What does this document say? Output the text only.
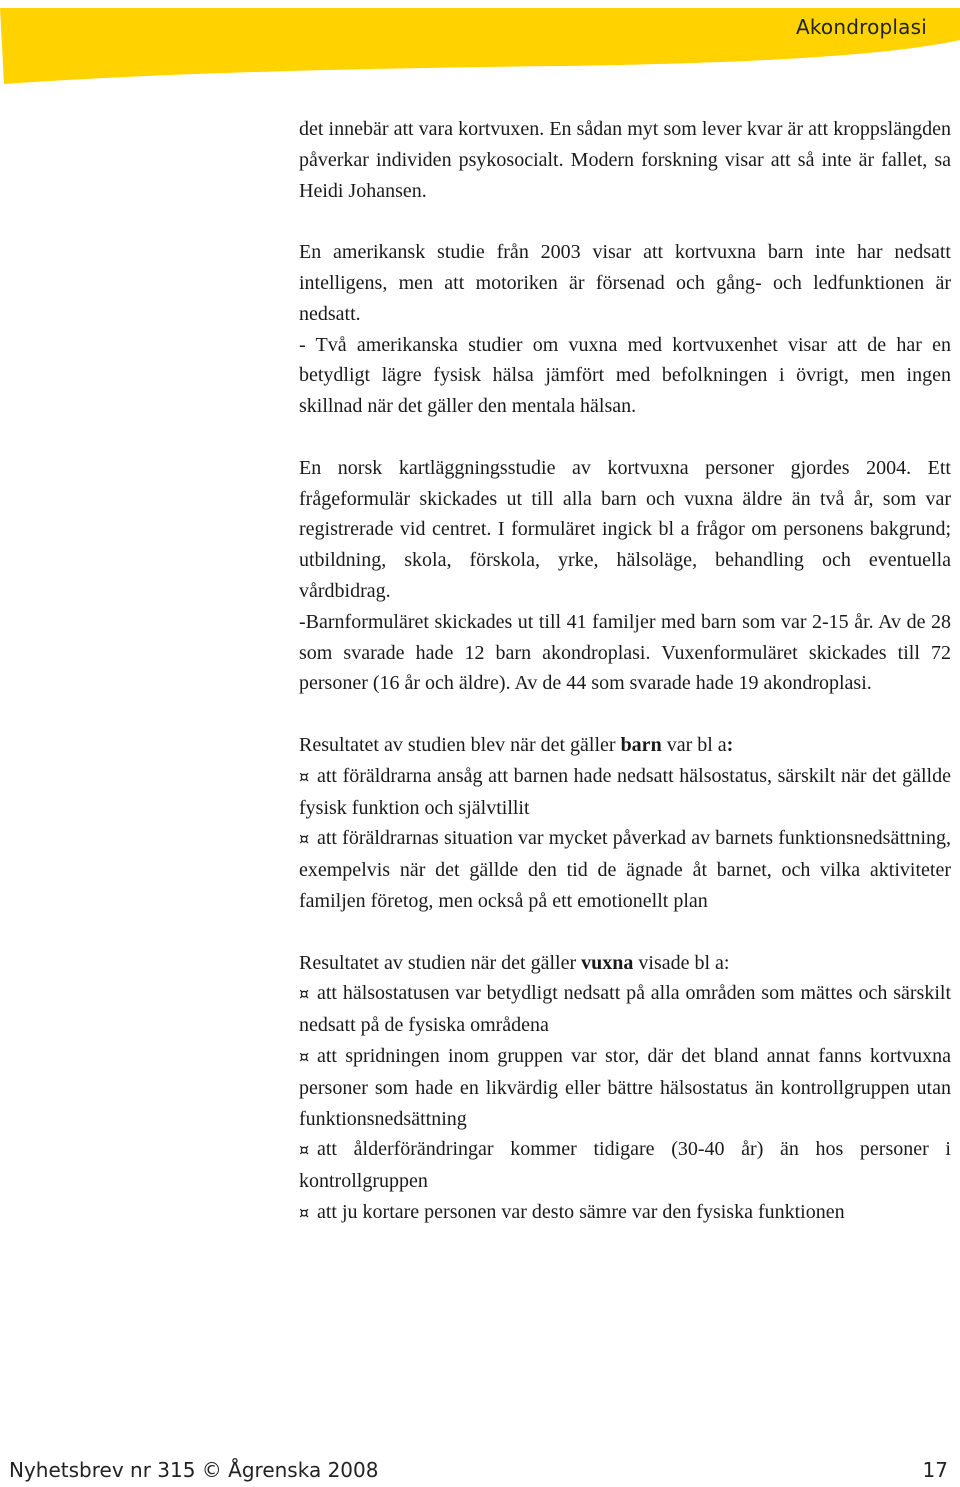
Akondroplasi

det innebär att vara kortvuxen. En sådan myt som lever kvar är att kroppslängden påverkar individen psykosocialt. Modern forskning visar att så inte är fallet, sa Heidi Johansen.

En amerikansk studie från 2003 visar att kortvuxna barn inte har nedsatt intelligens, men att motoriken är försenad och gång- och ledfunktionen är nedsatt.

- Två amerikanska studier om vuxna med kortvuxenhet visar att de har en betydligt lägre fysisk hälsa jämfört med befolkningen i övrigt, men ingen skillnad när det gäller den mentala hälsan.

En norsk kartläggningsstudie av kortvuxna personer gjordes 2004. Ett frågeformulär skickades ut till alla barn och vuxna äldre än två år, som var registrerade vid centret. I formuläret ingick bl a frågor om personens bakgrund; utbildning, skola, förskola, yrke, hälsoläge, behandling och eventuella vårdbidrag.

-Barnformuläret skickades ut till 41 familjer med barn som var 2-15 år. Av de 28 som svarade hade 12 barn akondroplasi. Vuxenformuläret skickades till 72 personer (16 år och äldre). Av de 44 som svarade hade 19 akondroplasi.

Resultatet av studien blev när det gäller barn var bl a:

¤ att föräldrarna ansåg att barnen hade nedsatt hälsostatus, särskilt när det gällde fysisk funktion och självtillit

¤ att föräldrarnas situation var mycket påverkad av barnets funktionsnedsättning, exempelvis när det gällde den tid de ägnade åt barnet, och vilka aktiviteter familjen företog, men också på ett emotionellt plan

Resultatet av studien när det gäller vuxna visade bl a:

¤ att hälsostatusen var betydligt nedsatt på alla områden som mättes och särskilt nedsatt på de fysiska områdena

¤ att spridningen inom gruppen var stor, där det bland annat fanns kortvuxna personer som hade en likvärdig eller bättre hälsostatus än kontrollgruppen utan funktionsnedsättning

¤ att ålderförändringar kommer tidigare (30-40 år) än hos personer i kontrollgruppen

¤ att ju kortare personen var desto sämre var den fysiska funktionen

Nyhetsbrev nr 315 © Ågrenska 2008	17
